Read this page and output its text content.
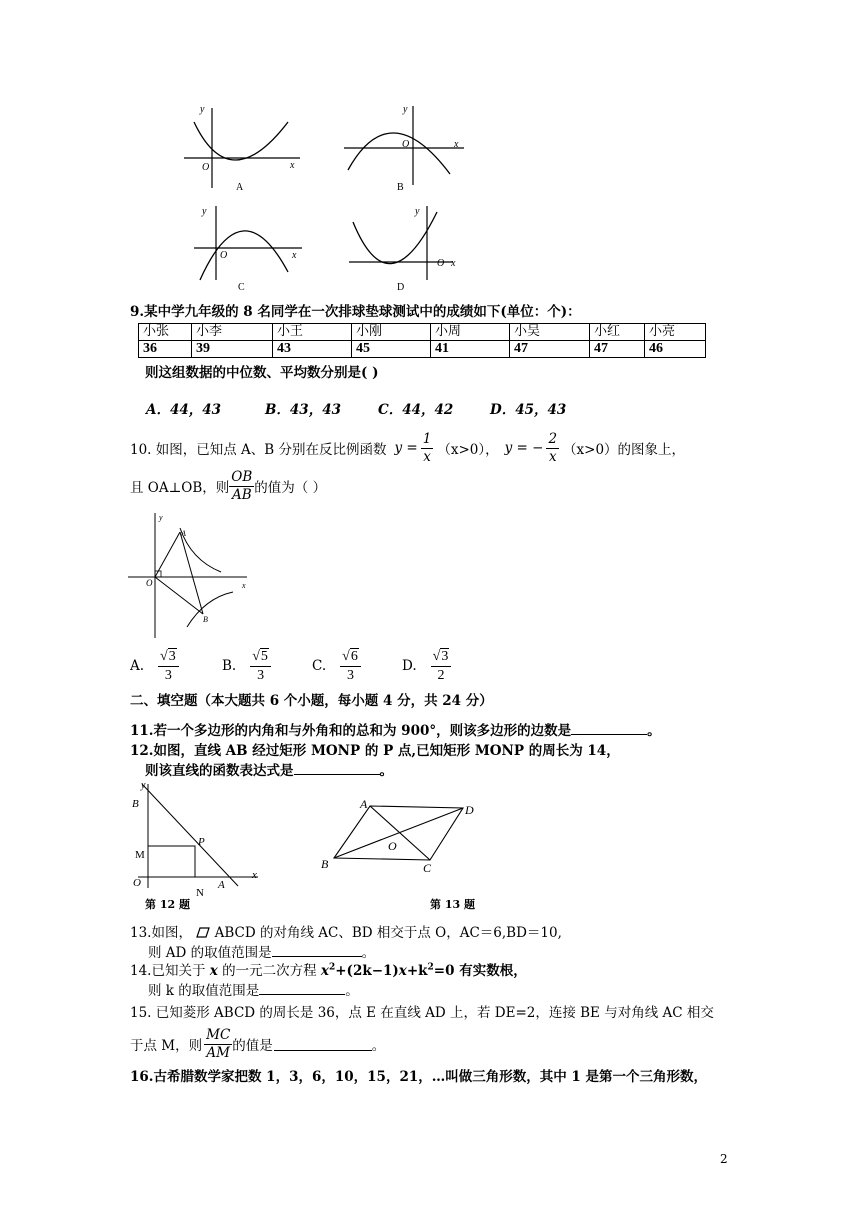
y
O	x
A
y
O	x
B
y
O	x
C
y
O x
D
9.某中学九年级的 8 名同学在一次排球垫球测试中的成绩如下(单位：个)：
小张	小李	小王	小刚	小周	小吴	小红	小亮
36	39	43	45	41	47	47	46
则这组数据的中位数、平均数分别是( )
A．44，43	B．43，43	C．44，42	D．45，43
10. 如图，已知点 A、B 分别在反比例函数 $y = \frac{1}{x} (x>0)$， y = − $\frac{2}{x} (x>0)$的图象上，
且 OA⊥OB，则 $\frac{OB}{AB}$ 的值为（ ）
y
x
O
A
B
A. $\frac{√3}{3}$	B. $\frac{√5}{3}$	C. $\frac{√6}{3}$	D. $\frac{√3}{2}$
二、填空题（本大题共 6 个小题，每小题 4 分，共 24 分）
11.若一个多边形的内角和与外角和的总和为 900°，则该多边形的边数是	。
12.如图，直线 AB 经过矩形 MONP 的 P 点,已知矩形 MONP 的周长为 14，
则该直线的函数表达式是	。
y
B
P
M
O	A
x
N
第 12 题
A	D
B	C
O
第 13 题
13.如图， ABCD 的对角线 AC、BD 相交于点 O，AC＝6,BD＝10,
则 AD 的取值范围是	。
14.已知关于 x 的一元二次方程 $x^2+(2k-1)x+k^2=0$ 有实数根，
则 k 的取值范围是	。
15. 已知菱形 ABCD 的周长是 36，点 E 在直线 AD 上，若 DE=2，连接 BE 与对角线 AC 相交
于点 M，则 $\frac{MC}{AM}$ 的值是	。
16.古希腊数学家把数 1，3，6，10，15，21，…叫做三角形数，其中 1 是第一个三角形数，
2
